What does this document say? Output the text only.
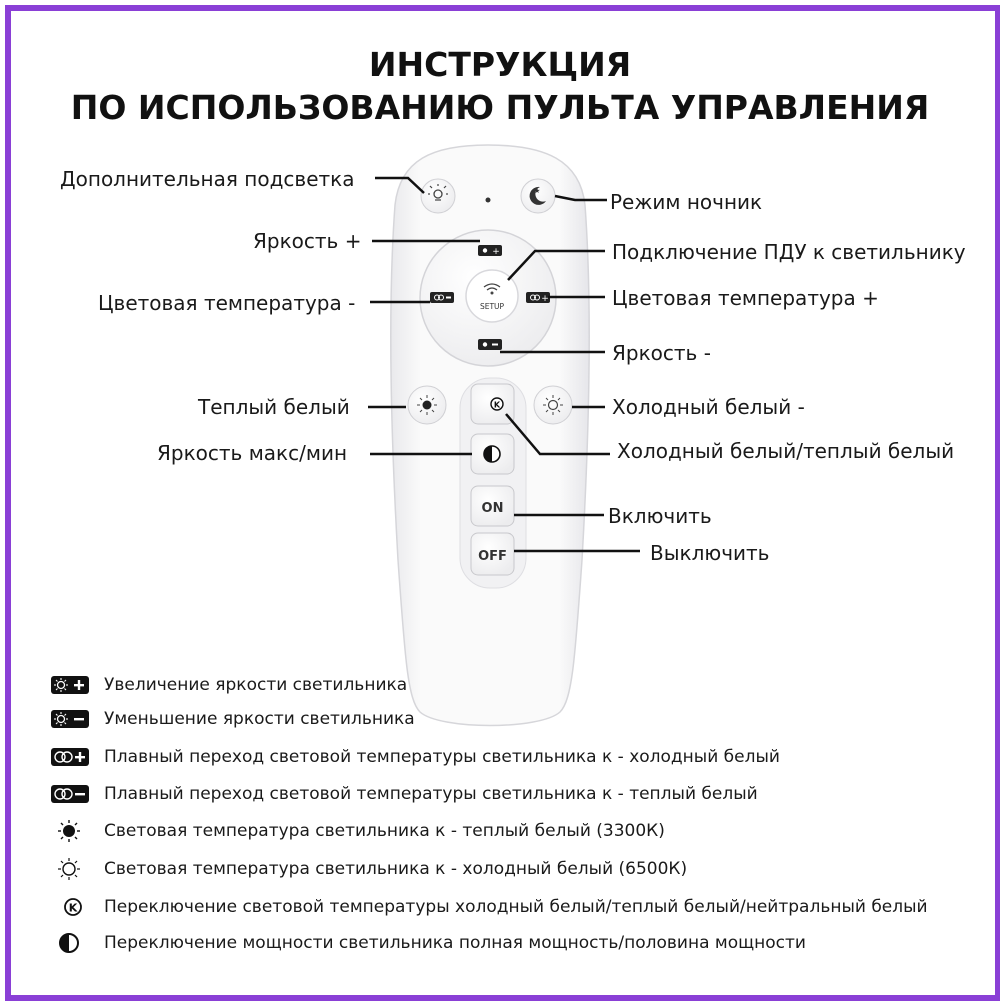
ИНСТРУКЦИЯ
ПО ИСПОЛЬЗОВАНИЮ ПУЛЬТА УПРАВЛЕНИЯ
★
SETUP
+
+
K
ON
OFF
Дополнительная подсветка
Режим ночник
Яркость +	Подключение ПДУ к светильнику
Цветовая температура -	Цветовая температура +
Яркость -
Теплый белый	Холодный белый -
Яркость макс/мин	Холодный белый/теплый белый
Включить
Выключить
Увеличение яркости светильника
Уменьшение яркости светильника
Плавный переход световой температуры светильника к - холодный белый
Плавный переход световой температуры светильника к - теплый белый
Световая температура светильника к - теплый белый (3300К)
Световая температура светильника к - холодный белый (6500К)
K Переключение световой температуры холодный белый/теплый белый/нейтральный белый
Переключение мощности светильника полная мощность/половина мощности
